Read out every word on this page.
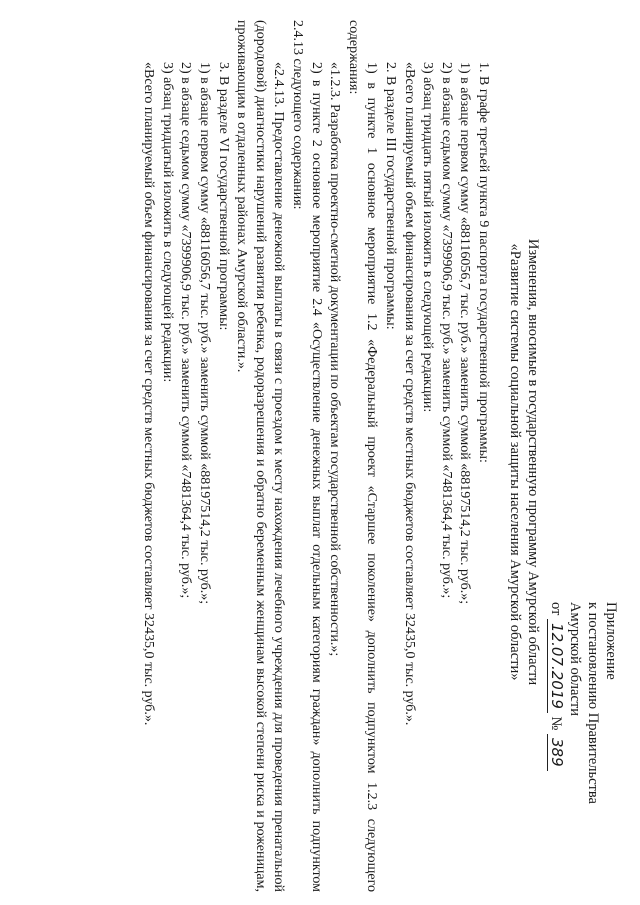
Приложение
к постановлению Правительства
Амурской области
от 12.07.2019 № 389
Изменения, вносимые в государственную программу Амурской области
«Развитие системы социальной защиты населения Амурской области»

1. В графе третьей пункта 9 паспорта государственной программы:

1) в абзаце первом сумму «88116056,7 тыс. руб.» заменить суммой «88197514,2 тыс. руб.»;

2) в абзаце седьмом сумму «7399906,9 тыс. руб.» заменить суммой «7481364,4 тыс. руб.»;

3) абзац тридцать пятый изложить в следующей редакции:

«Всего планируемый объем финансирования за счет средств местных бюджетов составляет 32435,0 тыс. руб.».

2. В разделе III государственной программы:

1) в пункте 1 основное мероприятие 1.2 «Федеральный проект «Старшее поколение» дополнить подпунктом 1.2.3 следующего содержания:

«1.2.3. Разработка проектно-сметной документации по объектам государственной собственности.»;

2) в пункте 2 основное мероприятие 2.4 «Осуществление денежных выплат отдельным категориям граждан» дополнить подпунктом 2.4.13 следующего содержания:

«2.4.13. Предоставление денежной выплаты в связи с проездом к месту нахождения лечебного учреждения для проведения пренатальной (дородовой) диагностики нарушений развития ребенка, родоразрешения и обратно беременным женщинам высокой степени риска и роженицам, проживающим в отдаленных районах Амурской области.».

3. В разделе VI государственной программы:

1) в абзаце первом сумму «88116056,7 тыс. руб.» заменить суммой «88197514,2 тыс. руб.»;

2) в абзаце седьмом сумму «7399906,9 тыс. руб.» заменить суммой «7481364,4 тыс. руб.»;

3) абзац тридцатый изложить в следующей редакции:

«Всего планируемый объем финансирования за счет средств местных бюджетов составляет 32435,0 тыс. руб.».
